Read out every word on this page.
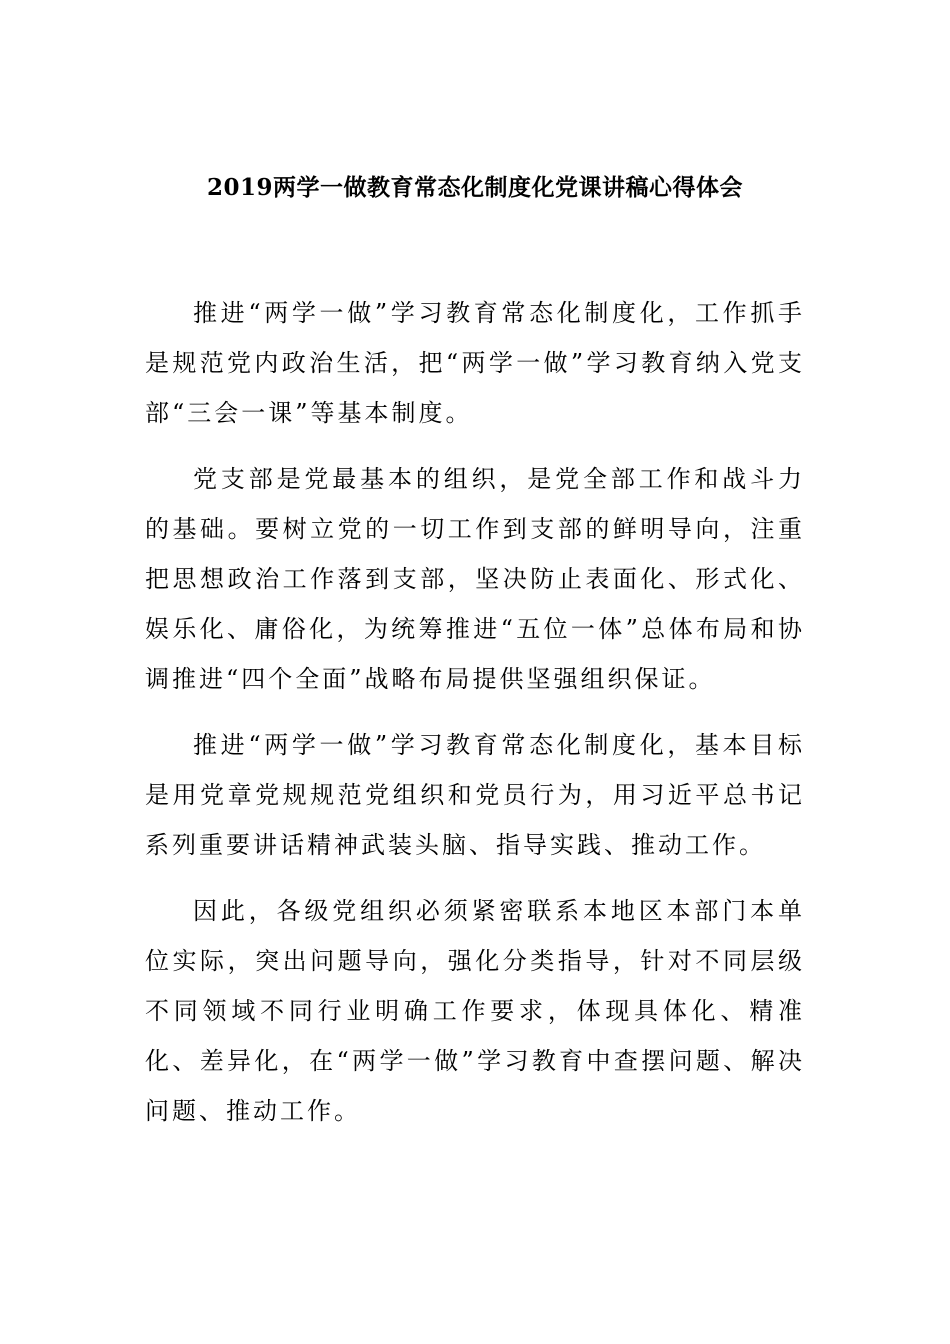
2019两学一做教育常态化制度化党课讲稿心得体会

推进“两学一做”学习教育常态化制度化，工作抓手是规范党内政治生活，把“两学一做”学习教育纳入党支部“三会一课”等基本制度。

党支部是党最基本的组织，是党全部工作和战斗力的基础。要树立党的一切工作到支部的鲜明导向，注重把思想政治工作落到支部，坚决防止表面化、形式化、娱乐化、庸俗化，为统筹推进“五位一体”总体布局和协调推进“四个全面”战略布局提供坚强组织保证。

推进“两学一做”学习教育常态化制度化，基本目标是用党章党规规范党组织和党员行为，用习近平总书记系列重要讲话精神武装头脑、指导实践、推动工作。

因此，各级党组织必须紧密联系本地区本部门本单位实际，突出问题导向，强化分类指导，针对不同层级不同领域不同行业明确工作要求，体现具体化、精准化、差异化，在“两学一做”学习教育中查摆问题、解决问题、推动工作。
